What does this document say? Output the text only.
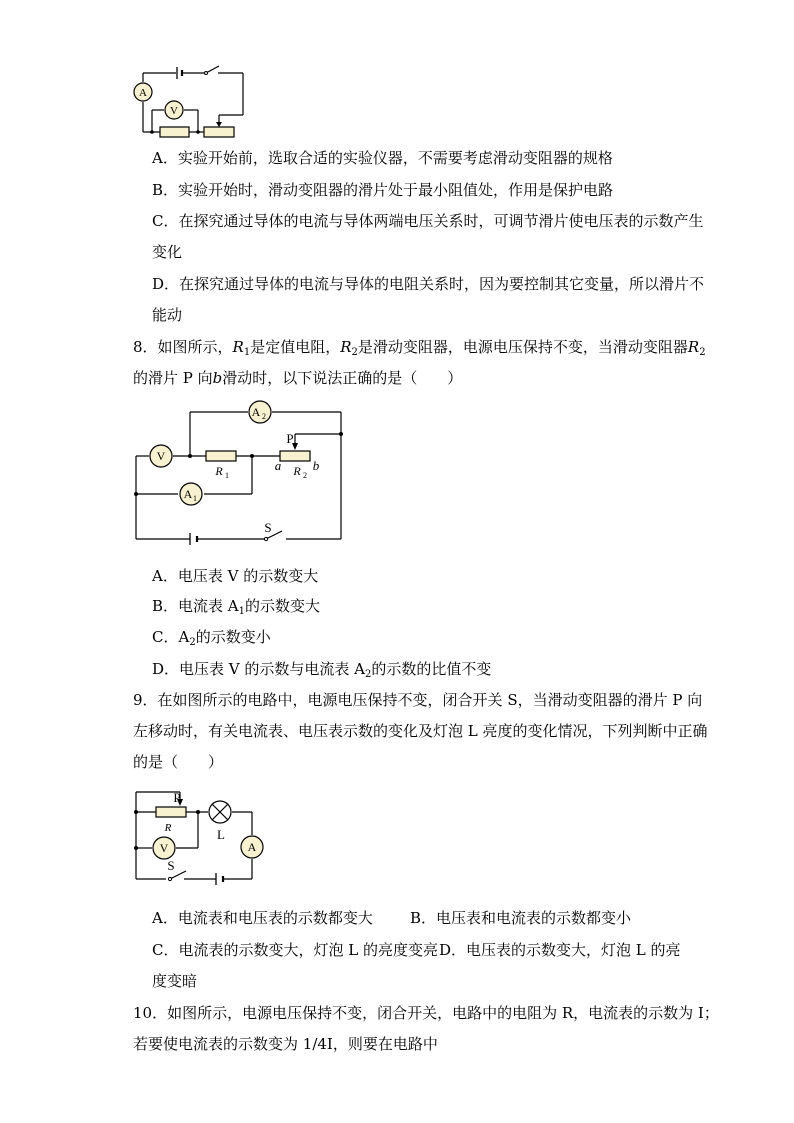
A
V
A．实验开始前，选取合适的实验仪器，不需要考虑滑动变阻器的规格
B．实验开始时，滑动变阻器的滑片处于最小阻值处，作用是保护电路
C．在探究通过导体的电流与导体两端电压关系时，可调节滑片使电压表的示数产生
变化
D．在探究通过导体的电流与导体的电阻关系时，因为要控制其它变量，所以滑片不
能动
8．如图所示，$R_1$是定值电阻，$R_2$是滑动变阻器，电源电压保持不变，当滑动变阻器$R_2$
的滑片 P 向b滑动时，以下说法正确的是（　　）
A 2
V
A 1
R 1
P
a b
R 2
S
A．电压表 V 的示数变大
B．电流表 $A_1$的示数变大
C．$A_2$的示数变小
D．电压表 V 的示数与电流表 $A_2$的示数的比值不变
9．在如图所示的电路中，电源电压保持不变，闭合开关 S，当滑动变阻器的滑片 P 向
左移动时，有关电流表、电压表示数的变化及灯泡 L 亮度的变化情况，下列判断中正确
的是（　　）
P
R	L
V	A
S
A．电流表和电压表的示数都变大 B．电压表和电流表的示数都变小
C．电流表的示数变大，灯泡 L 的亮度变亮 D．电压表的示数变大，灯泡 L 的亮
度变暗
10．如图所示，电源电压保持不变，闭合开关，电路中的电阻为 R，电流表的示数为 I；
若要使电流表的示数变为 1/4I，则要在电路中
